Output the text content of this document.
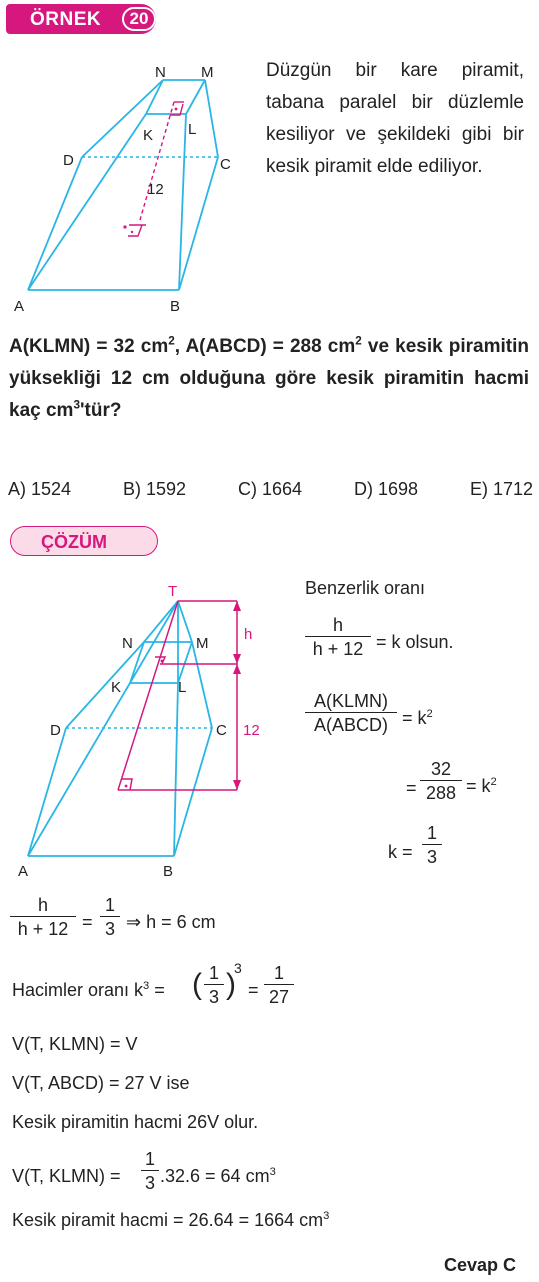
ÖRNEK	20
N M
K L
D	C
A	B
12
Düzgün bir kare piramit, tabana paralel bir düzlemle kesiliyor ve şekildeki gibi bir kesik piramit elde ediliyor.
A(KLMN) = 32 $cm^2$, A(ABCD) = 288 $cm^2$ ve kesik piramitin yüksekliği 12 cm olduğuna göre kesik piramitin hacmi kaç $cm^3'tür$?
A) 1524	B) 1592	C) 1664	D) 1698	E) 1712
ÇÖZÜM
T
N	M
K	L
D	C
A	B
h
12
Benzerlik oranı
h
h + 12 = k olsun.
A(KLMN)
A(ABCD) = $k^2$
=
32
$288 = k^2$
k =
1
3
h
h + 12 =
1
3 ⇒ h = 6 cm
Hacimler oranı $k^3$ = ( 1
3 )
3
=
1
27
V(T, KLMN) = V
V(T, ABCD) = 27 V ise
Kesik piramitin hacmi 26V olur.
V(T, KLMN) =
1
3 .32.6 = 64 $cm^3$
Kesik piramit hacmi = 26.64 = 1664 $cm^3$
Cevap C
